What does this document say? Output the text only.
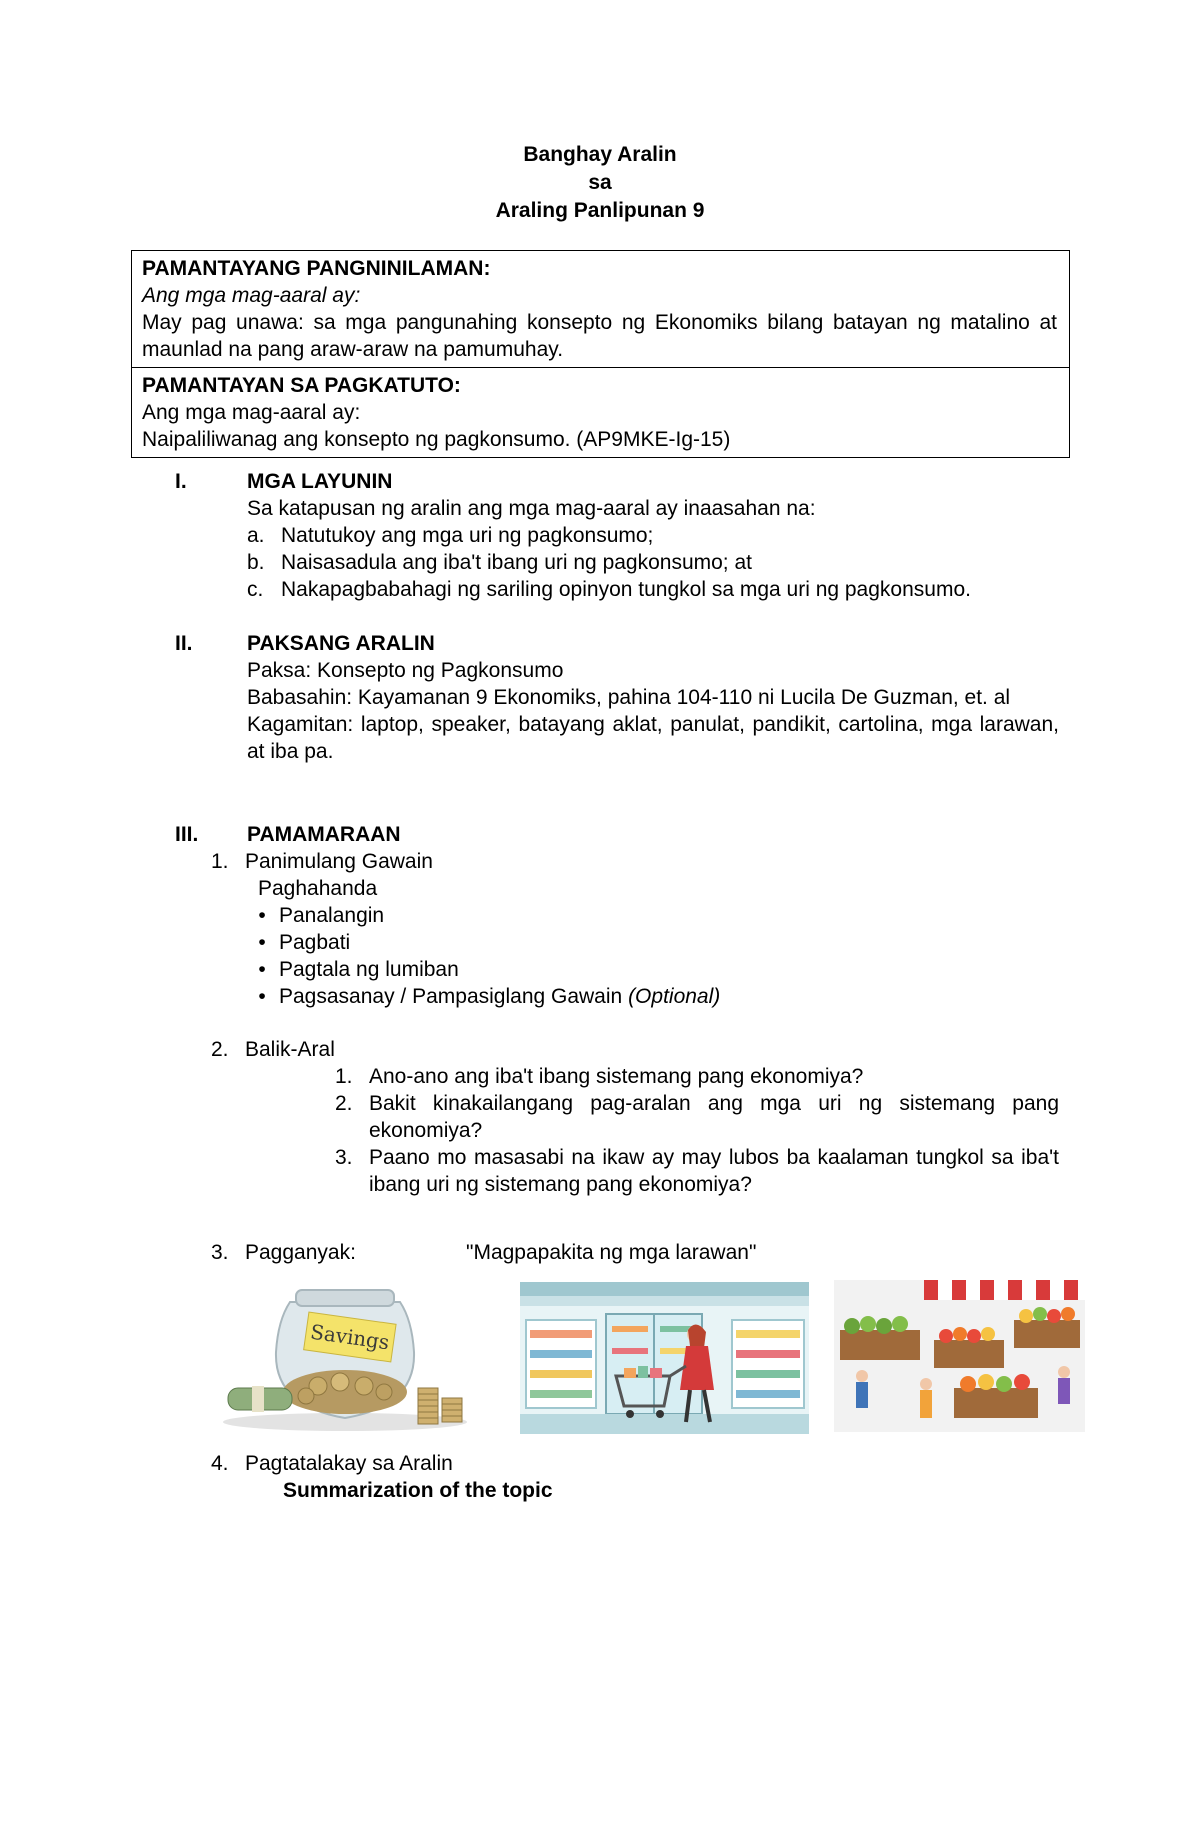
Banghay Aralin
sa
Araling Panlipunan 9
PAMANTAYANG PANGNINILAMAN:
Ang mga mag-aaral ay:
May pag unawa: sa mga pangunahing konsepto ng Ekonomiks bilang batayan ng matalino at maunlad na pang araw-araw na pamumuhay.
PAMANTAYAN SA PAGKATUTO:
Ang mga mag-aaral ay:
Naipaliliwanag ang konsepto ng pagkonsumo. (AP9MKE-Ig-15)
I.	MGA LAYUNIN
Sa katapusan ng aralin ang mga mag-aaral ay inaasahan na:
a. Natutukoy ang mga uri ng pagkonsumo;
b. Naisasadula ang iba't ibang uri ng pagkonsumo; at
c. Nakapagbabahagi ng sariling opinyon tungkol sa mga uri ng pagkonsumo.
II.	PAKSANG ARALIN
Paksa: Konsepto ng Pagkonsumo
Babasahin: Kayamanan 9 Ekonomiks, pahina 104-110 ni Lucila De Guzman, et. al
Kagamitan: laptop, speaker, batayang aklat, panulat, pandikit, cartolina, mga larawan, at iba pa.
III. PAMAMARAAN
1. Panimulang Gawain
Paghahanda
• Panalangin
• Pagbati
• Pagtala ng lumiban
• Pagsasanay / Pampasiglang Gawain (Optional)
2. Balik-Aral
1. Ano-ano ang iba't ibang sistemang pang ekonomiya?
2. Bakit kinakailangang pag-aralan ang mga uri ng sistemang pang ekonomiya?
3. Paano mo masasabi na ikaw ay may lubos ba kaalaman tungkol sa iba't ibang uri ng sistemang pang ekonomiya?
3. Pagganyak:	"Magpapakita ng mga larawan"
Savings
4. Pagtatalakay sa Aralin
Summarization of the topic
